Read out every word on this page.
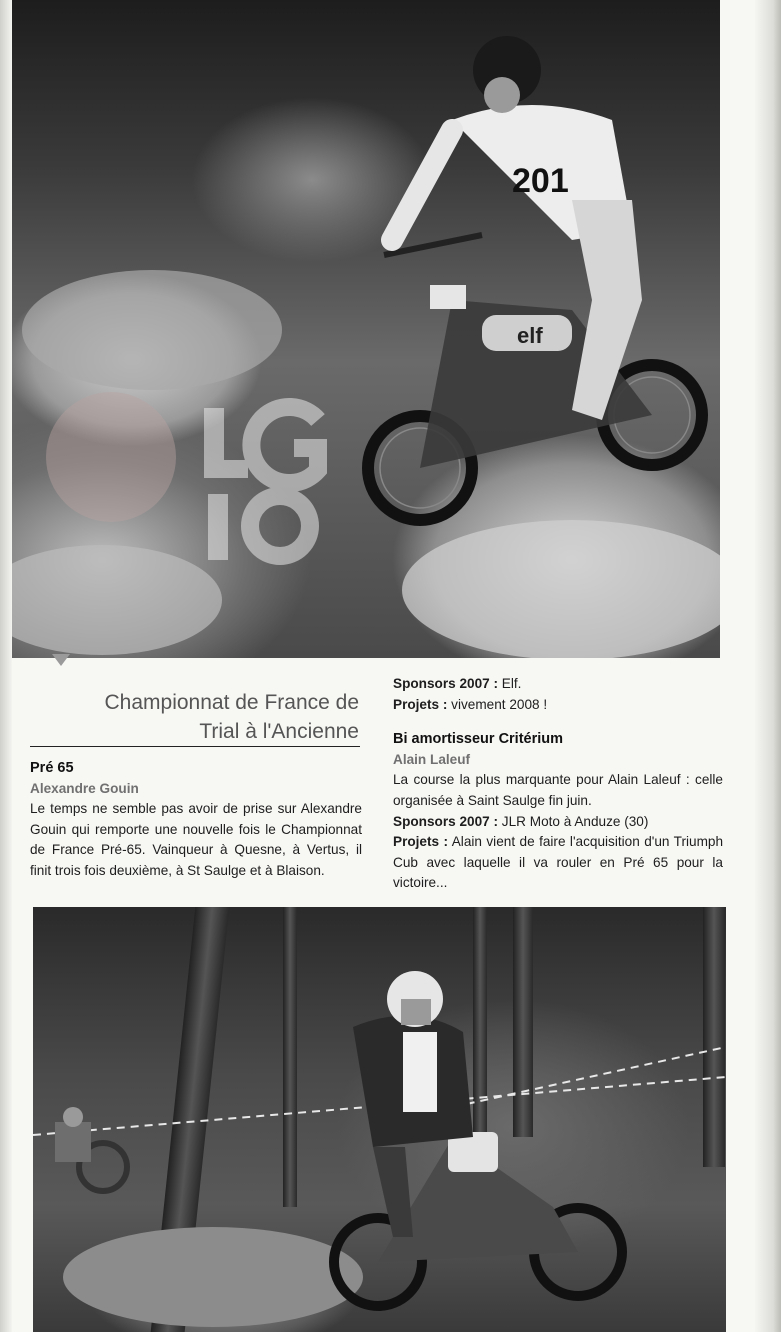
201
elf
Championnat de France de
Trial à l'Ancienne
Pré 65
Alexandre Gouin
Le temps ne semble pas avoir de prise sur Alexandre Gouin qui remporte une nouvelle fois le Championnat de France Pré-65. Vainqueur à Quesne, à Vertus, il finit trois fois deuxième, à St Saulge et à Blaison.
Sponsors 2007 : Elf.
Projets : vivement 2008 !
Bi amortisseur Critérium
Alain Laleuf
La course la plus marquante pour Alain Laleuf : celle organisée à Saint Saulge fin juin.
Sponsors 2007 : JLR Moto à Anduze (30)
Projets : Alain vient de faire l'acquisition d'un Triumph Cub avec laquelle il va rouler en Pré 65 pour la victoire...
